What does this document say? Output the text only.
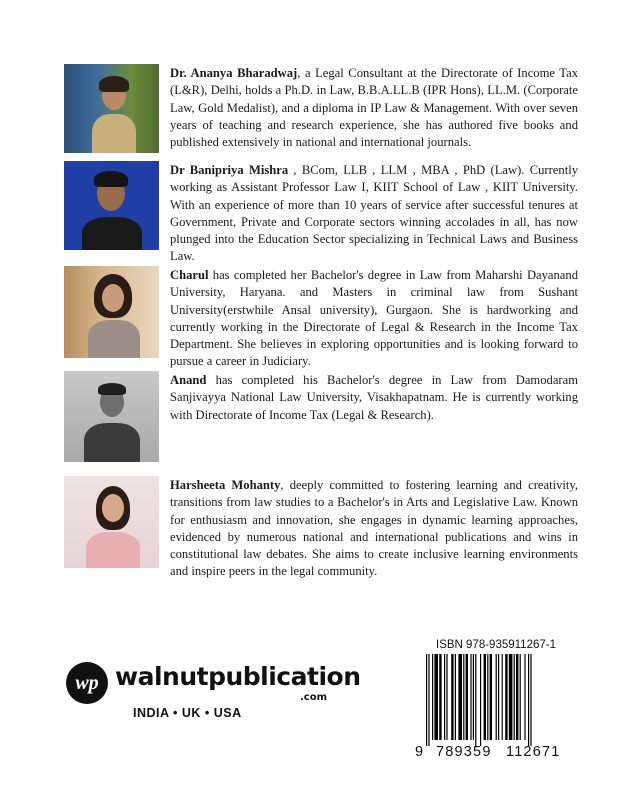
Dr. Ananya Bharadwaj, a Legal Consultant at the Directorate of Income Tax (L&R), Delhi, holds a Ph.D. in Law, B.B.A.LL.B (IPR Hons), LL.M. (Corporate Law, Gold Medalist), and a diploma in IP Law & Management. With over seven years of teaching and research experience, she has authored five books and published extensively in national and international journals.
Dr Banipriya Mishra , BCom, LLB , LLM , MBA , PhD (Law). Currently working as Assistant Professor Law I, KIIT School of Law , KIIT University. With an experience of more than 10 years of service after successful tenures at Government, Private and Corporate sectors winning accolades in all, has now plunged into the Education Sector specializing in Technical Laws and Business Law.
Charul has completed her Bachelor's degree in Law from Maharshi Dayanand University, Haryana. and Masters in criminal law from Sushant University(erstwhile Ansal university), Gurgaon. She is hardworking and currently working in the Directorate of Legal & Research in the Income Tax Department. She believes in exploring opportunities and is looking forward to pursue a career in Judiciary.
Anand has completed his Bachelor's degree in Law from Damodaram Sanjivayya National Law University, Visakhapatnam. He is currently working with Directorate of Income Tax (Legal & Research).
Harsheeta Mohanty, deeply committed to fostering learning and creativity, transitions from law studies to a Bachelor's in Arts and Legislative Law. Known for enthusiasm and innovation, she engages in dynamic learning approaches, evidenced by numerous national and international publications and wins in constitutional law debates. She aims to create inclusive learning environments and inspire peers in the legal community.
wp walnutpublication
.com
INDIA • UK • USA
ISBN 978-935911267-1
9 789359 112671
